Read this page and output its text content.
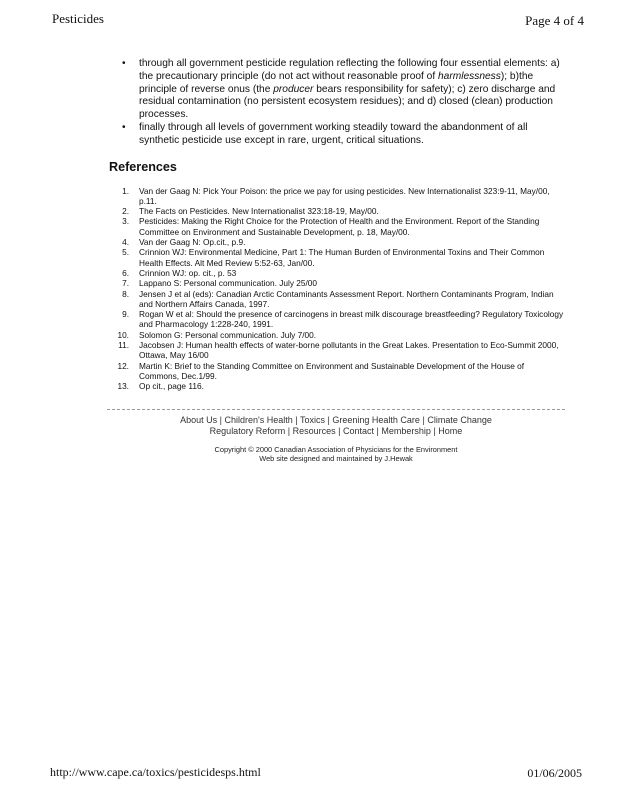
Pesticides	Page 4 of 4
• through all government pesticide regulation reflecting the following four essential elements: a) the precautionary principle (do not act without reasonable proof of harmlessness); b)the principle of reverse onus (the producer bears responsibility for safety); c) zero discharge and residual contamination (no persistent ecosystem residues); and d) closed (clean) production processes.
• finally through all levels of government working steadily toward the abandonment of all synthetic pesticide use except in rare, urgent, critical situations.
References
1. Van der Gaag N: Pick Your Poison: the price we pay for using pesticides. New Internationalist 323:9-11, May/00, p.11.
2. The Facts on Pesticides. New Internationalist 323:18-19, May/00.
3. Pesticides: Making the Right Choice for the Protection of Health and the Environment. Report of the Standing Committee on Environment and Sustainable Development, p. 18, May/00.
4. Van der Gaag N: Op.cit., p.9.
5. Crinnion WJ: Environmental Medicine, Part 1: The Human Burden of Environmental Toxins and Their Common Health Effects. Alt Med Review 5:52-63, Jan/00.
6. Crinnion WJ: op. cit., p. 53
7. Lappano S: Personal communication. July 25/00
8. Jensen J et al (eds): Canadian Arctic Contaminants Assessment Report. Northern Contaminants Program, Indian and Northern Affairs Canada, 1997.
9. Rogan W et al: Should the presence of carcinogens in breast milk discourage breastfeeding? Regulatory Toxicology and Pharmacology 1:228-240, 1991.
10. Solomon G: Personal communication. July 7/00.
11. Jacobsen J: Human health effects of water-borne pollutants in the Great Lakes. Presentation to Eco-Summit 2000, Ottawa, May 16/00
12. Martin K: Brief to the Standing Committee on Environment and Sustainable Development of the House of Commons, Dec.1/99.
13. Op cit., page 116.
About Us | Children's Health | Toxics | Greening Health Care | Climate Change
Regulatory Reform | Resources | Contact | Membership | Home
Copyright © 2000 Canadian Association of Physicians for the Environment
Web site designed and maintained by J.Hewak
http://www.cape.ca/toxics/pesticidesps.html	01/06/2005
